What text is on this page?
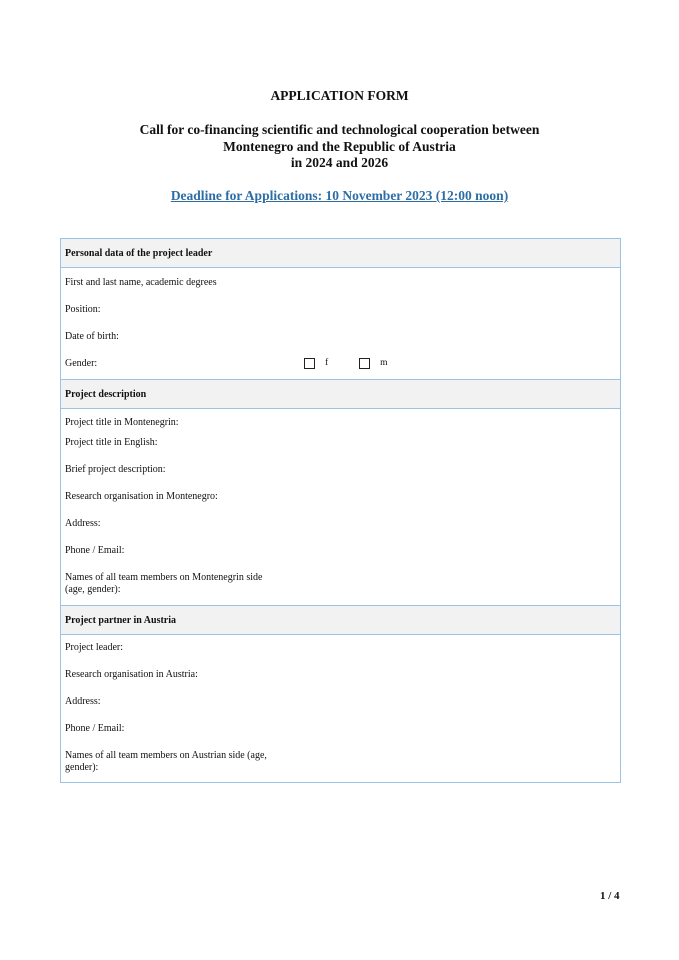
APPLICATION FORM
Call for co-financing scientific and technological cooperation between
Montenegro and the Republic of Austria
in 2024 and 2026
Deadline for Applications: 10 November 2023 (12:00 noon)
Personal data of the project leader
First and last name, academic degrees
Position:
Date of birth:
Gender:	f	m
Project description
Project title in Montenegrin:
Project title in English:
Brief project description:
Research organisation in Montenegro:
Address:
Phone / Email:
Names of all team members on Montenegrin side
(age, gender):
Project partner in Austria
Project leader:
Research organisation in Austria:
Address:
Phone / Email:
Names of all team members on Austrian side (age,
gender):
1 / 4
